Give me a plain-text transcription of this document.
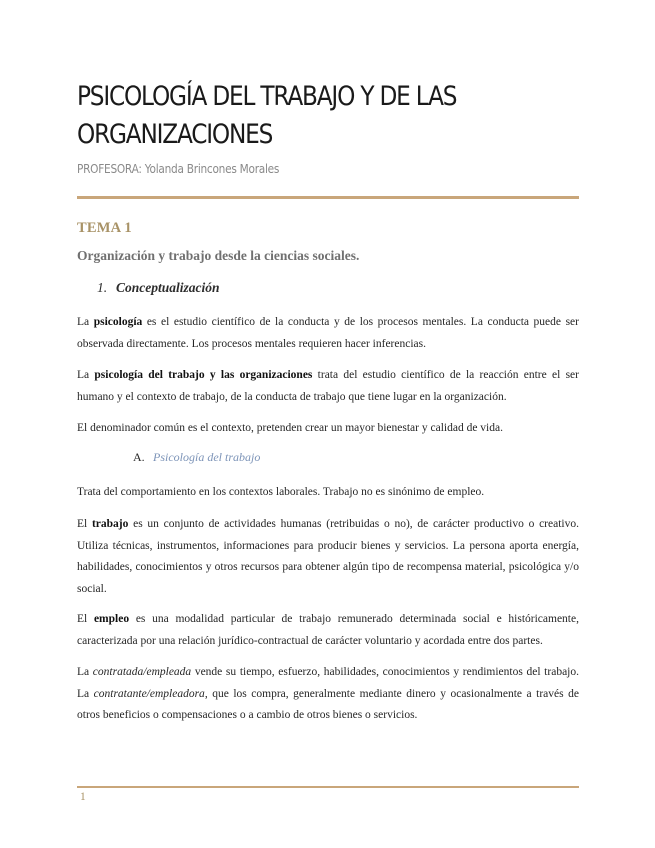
PSICOLOGÍA DEL TRABAJO Y DE LAS ORGANIZACIONES
PROFESORA: Yolanda Brincones Morales
TEMA 1
Organización y trabajo desde la ciencias sociales.
1. Conceptualización

La psicología es el estudio científico de la conducta y de los procesos mentales. La conducta puede ser observada directamente. Los procesos mentales requieren hacer inferencias.

La psicología del trabajo y las organizaciones trata del estudio científico de la reacción entre el ser humano y el contexto de trabajo, de la conducta de trabajo que tiene lugar en la organización.

El denominador común es el contexto, pretenden crear un mayor bienestar y calidad de vida.

A. Psicología del trabajo

Trata del comportamiento en los contextos laborales. Trabajo no es sinónimo de empleo.

El trabajo es un conjunto de actividades humanas (retribuidas o no), de carácter productivo o creativo. Utiliza técnicas, instrumentos, informaciones para producir bienes y servicios. La persona aporta energía, habilidades, conocimientos y otros recursos para obtener algún tipo de recompensa material, psicológica y/o social.

El empleo es una modalidad particular de trabajo remunerado determinada social e históricamente, caracterizada por una relación jurídico-contractual de carácter voluntario y acordada entre dos partes.

La contratada/empleada vende su tiempo, esfuerzo, habilidades, conocimientos y rendimientos del trabajo. La contratante/empleadora, que los compra, generalmente mediante dinero y ocasionalmente a través de otros beneficios o compensaciones o a cambio de otros bienes o servicios.

1
